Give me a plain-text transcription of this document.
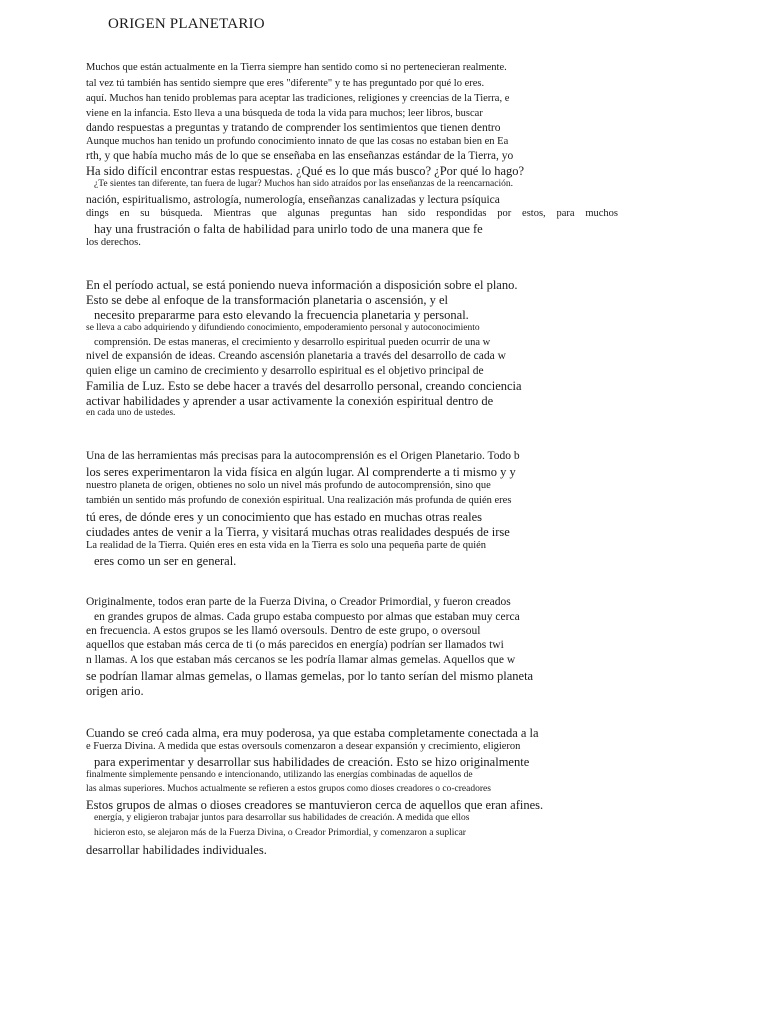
ORIGEN PLANETARIO
Muchos que están actualmente en la Tierra siempre han sentido como si no pertenecieran realmente.
tal vez tú también has sentido siempre que eres "diferente" y te has preguntado por qué lo eres.
aquí. Muchos han tenido problemas para aceptar las tradiciones, religiones y creencias de la Tierra, e
viene en la infancia. Esto lleva a una búsqueda de toda la vida para muchos; leer libros, buscar
dando respuestas a preguntas y tratando de comprender los sentimientos que tienen dentro
Aunque muchos han tenido un profundo conocimiento innato de que las cosas no estaban bien en Ea
rth, y que había mucho más de lo que se enseñaba en las enseñanzas estándar de la Tierra, yo
Ha sido difícil encontrar estas respuestas. ¿Qué es lo que más busco? ¿Por qué lo hago?
¿Te sientes tan diferente, tan fuera de lugar? Muchos han sido atraídos por las enseñanzas de la reencarnación.
nación, espiritualismo, astrología, numerología, enseñanzas canalizadas y lectura psíquica
dings en su búsqueda. Mientras que algunas preguntas han sido respondidas por estos, para muchos
hay una frustración o falta de habilidad para unirlo todo de una manera que fe
los derechos.
En el período actual, se está poniendo nueva información a disposición sobre el plano.
Esto se debe al enfoque de la transformación planetaria o ascensión, y el
necesito prepararme para esto elevando la frecuencia planetaria y personal.
se lleva a cabo adquiriendo y difundiendo conocimiento, empoderamiento personal y autoconocimiento
comprensión. De estas maneras, el crecimiento y desarrollo espiritual pueden ocurrir de una w
nivel de expansión de ideas. Creando ascensión planetaria a través del desarrollo de cada w
quien elige un camino de crecimiento y desarrollo espiritual es el objetivo principal de
Familia de Luz. Esto se debe hacer a través del desarrollo personal, creando conciencia
activar habilidades y aprender a usar activamente la conexión espiritual dentro de
en cada uno de ustedes.
Una de las herramientas más precisas para la autocomprensión es el Origen Planetario. Todo b
los seres experimentaron la vida física en algún lugar. Al comprenderte a ti mismo y y
nuestro planeta de origen, obtienes no solo un nivel más profundo de autocomprensión, sino que
también un sentido más profundo de conexión espiritual. Una realización más profunda de quién eres
tú eres, de dónde eres y un conocimiento que has estado en muchas otras reales
ciudades antes de venir a la Tierra, y visitará muchas otras realidades después de irse
La realidad de la Tierra. Quién eres en esta vida en la Tierra es solo una pequeña parte de quién
eres como un ser en general.
Originalmente, todos eran parte de la Fuerza Divina, o Creador Primordial, y fueron creados
en grandes grupos de almas. Cada grupo estaba compuesto por almas que estaban muy cerca
en frecuencia. A estos grupos se les llamó oversouls. Dentro de este grupo, o oversoul
aquellos que estaban más cerca de ti (o más parecidos en energía) podrían ser llamados twi
n llamas. A los que estaban más cercanos se les podría llamar almas gemelas. Aquellos que w
se podrían llamar almas gemelas, o llamas gemelas, por lo tanto serían del mismo planeta
origen ario.
Cuando se creó cada alma, era muy poderosa, ya que estaba completamente conectada a la
e Fuerza Divina. A medida que estas oversouls comenzaron a desear expansión y crecimiento, eligieron
para experimentar y desarrollar sus habilidades de creación. Esto se hizo originalmente
finalmente simplemente pensando e intencionando, utilizando las energías combinadas de aquellos de
las almas superiores. Muchos actualmente se refieren a estos grupos como dioses creadores o co-creadores
Estos grupos de almas o dioses creadores se mantuvieron cerca de aquellos que eran afines.
energía, y eligieron trabajar juntos para desarrollar sus habilidades de creación. A medida que ellos
hicieron esto, se alejaron más de la Fuerza Divina, o Creador Primordial, y comenzaron a suplicar
desarrollar habilidades individuales.
